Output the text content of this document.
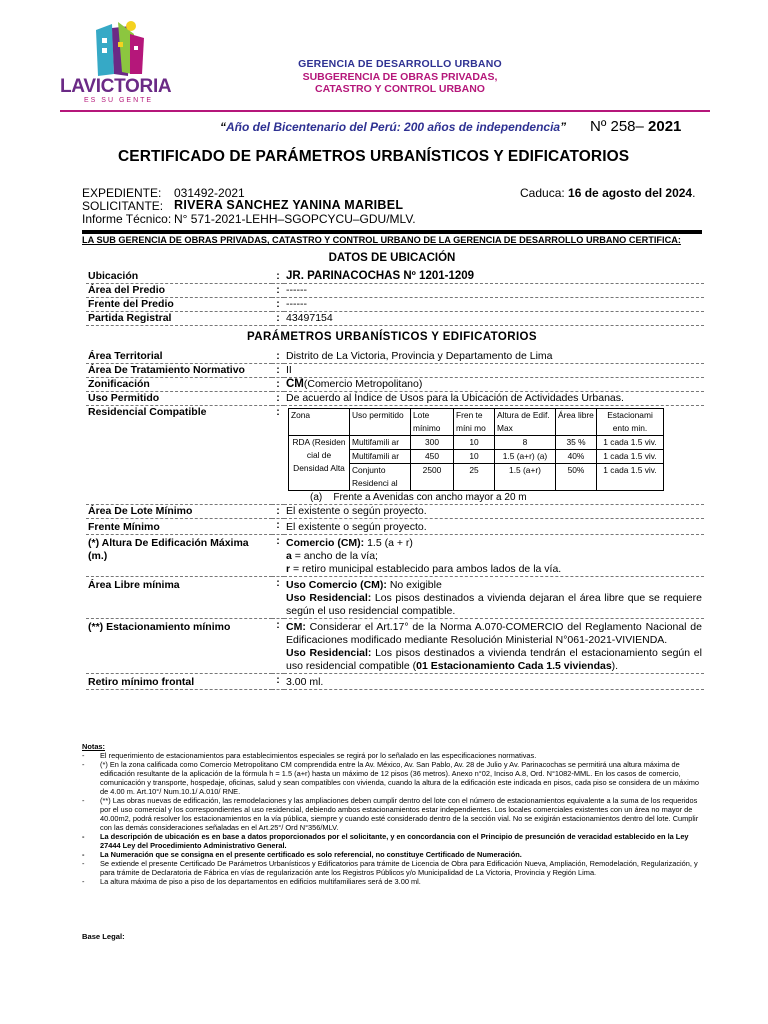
LAVICTORIA
ES SU GENTE
GERENCIA DE DESARROLLO URBANO
SUBGERENCIA DE OBRAS PRIVADAS,
CATASTRO Y CONTROL URBANO
“Año del Bicentenario del Perú: 200 años de independencia” Nº 258– 2021
CERTIFICADO DE PARÁMETROS URBANÍSTICOS Y EDIFICATORIOS
EXPEDIENTE: 031492-2021
SOLICITANTE: RIVERA SANCHEZ YANINA MARIBEL
Informe Técnico: N° 571-2021-LEHH–SGOPCYCU–GDU/MLV.
Caduca: 16 de agosto del 2024.
LA SUB GERENCIA DE OBRAS PRIVADAS, CATASTRO Y CONTROL URBANO DE LA GERENCIA DE DESARROLLO URBANO CERTIFICA:
DATOS DE UBICACIÓN
Ubicación	:	JR. PARINACOCHAS Nº 1201-1209
Área del Predio	:	------
Frente del Predio	:	------
Partida Registral	:	43497154
PARÁMETROS URBANÍSTICOS Y EDIFICATORIOS
Área Territorial	:	Distrito de La Victoria, Provincia y Departamento de Lima
Área De Tratamiento Normativo	:	II
Zonificación	:	CM(Comercio Metropolitano)
Uso Permitido	:	De acuerdo al Índice de Usos para la Ubicación de Actividades Urbanas.
Residencial Compatible	:	Zona	Uso permitido	Lote mínimo	Fren te míni mo	Altura de Edif. Max	Área libre	Estacionami ento min.
RDA (Residen cial de Densidad Alta	Multifamili ar	300	10	8	35 %	1 cada 1.5 viv.
Multifamili ar	450	10	1.5 (a+r) (a)	40%	1 cada 1.5 viv.
Conjunto Residenci al	2500	25	1.5 (a+r)	50%	1 cada 1.5 viv.
(a) Frente a Avenidas con ancho mayor a 20 m

Área De Lote Mínimo	:	El existente o según proyecto.
Frente Mínimo	:	El existente o según proyecto.
(*) Altura De Edificación Máxima (m.)	:	Comercio (CM): 1.5 (a + r)
a = ancho de la vía;
r = retiro municipal establecido para ambos lados de la vía.

Área Libre mínima	:	Uso Comercio (CM): No exigible
Uso Residencial: Los pisos destinados a vivienda dejaran el área libre que se requiere según el uso residencial compatible.

(**) Estacionamiento mínimo	:	CM: Considerar el Art.17° de la Norma A.070-COMERCIO del Reglamento Nacional de Edificaciones modificado mediante Resolución Ministerial N°061-2021-VIVIENDA.
Uso Residencial: Los pisos destinados a vivienda tendrán el estacionamiento según el uso residencial compatible (01 Estacionamiento Cada 1.5 viviendas).

Retiro mínimo frontal	:	3.00 ml.
Notas:
- El requerimiento de estacionamientos para establecimientos especiales se regirá por lo señalado en las especificaciones normativas.
- (*) En la zona calificada como Comercio Metropolitano CM comprendida entre la Av. México, Av. San Pablo, Av. 28 de Julio y Av. Parinacochas se permitirá una altura máxima de edificación resultante de la aplicación de la fórmula h = 1.5 (a+r) hasta un máximo de 12 pisos (36 metros). Anexo n°02, Inciso A.8, Ord. N°1082-MML. En los casos de comercio, comunicación y transporte, hospedaje, oficinas, salud y sean compatibles con vivienda, cuando la altura de la edificación este indicada en pisos, cada piso se considera de un máximo de 4.00 m. Art.10°/ Num.10.1/ A.010/ RNE.
- (**) Las obras nuevas de edificación, las remodelaciones y las ampliaciones deben cumplir dentro del lote con el número de estacionamientos equivalente a la suma de los requeridos por el uso comercial y los correspondientes al uso residencial, debiendo ambos estacionamientos estar independientes. Los locales comerciales existentes con un área no mayor de 40.00m2, podrá resolver los estacionamientos en la vía pública, siempre y cuando esté considerado dentro de la sección vial. No se exigirán estacionamientos dentro del lote. Cumplir con las demás consideraciones señaladas en el Art.25°/ Ord N°356/MLV.
- La descripción de ubicación es en base a datos proporcionados por el solicitante, y en concordancia con el Principio de presunción de veracidad establecido en la Ley 27444 Ley del Procedimiento Administrativo General.
- La Numeración que se consigna en el presente certificado es solo referencial, no constituye Certificado de Numeración.
- Se extiende el presente Certificado De Parámetros Urbanísticos y Edificatorios para trámite de Licencia de Obra para Edificación Nueva, Ampliación, Remodelación, Regularización, y para trámite de Declaratoria de Fábrica en vías de regularización ante los Registros Públicos y/o Municipalidad de La Victoria, Provincia y Región Lima.
- La altura máxima de piso a piso de los departamentos en edificios multifamiliares será de 3.00 ml.
Base Legal:
